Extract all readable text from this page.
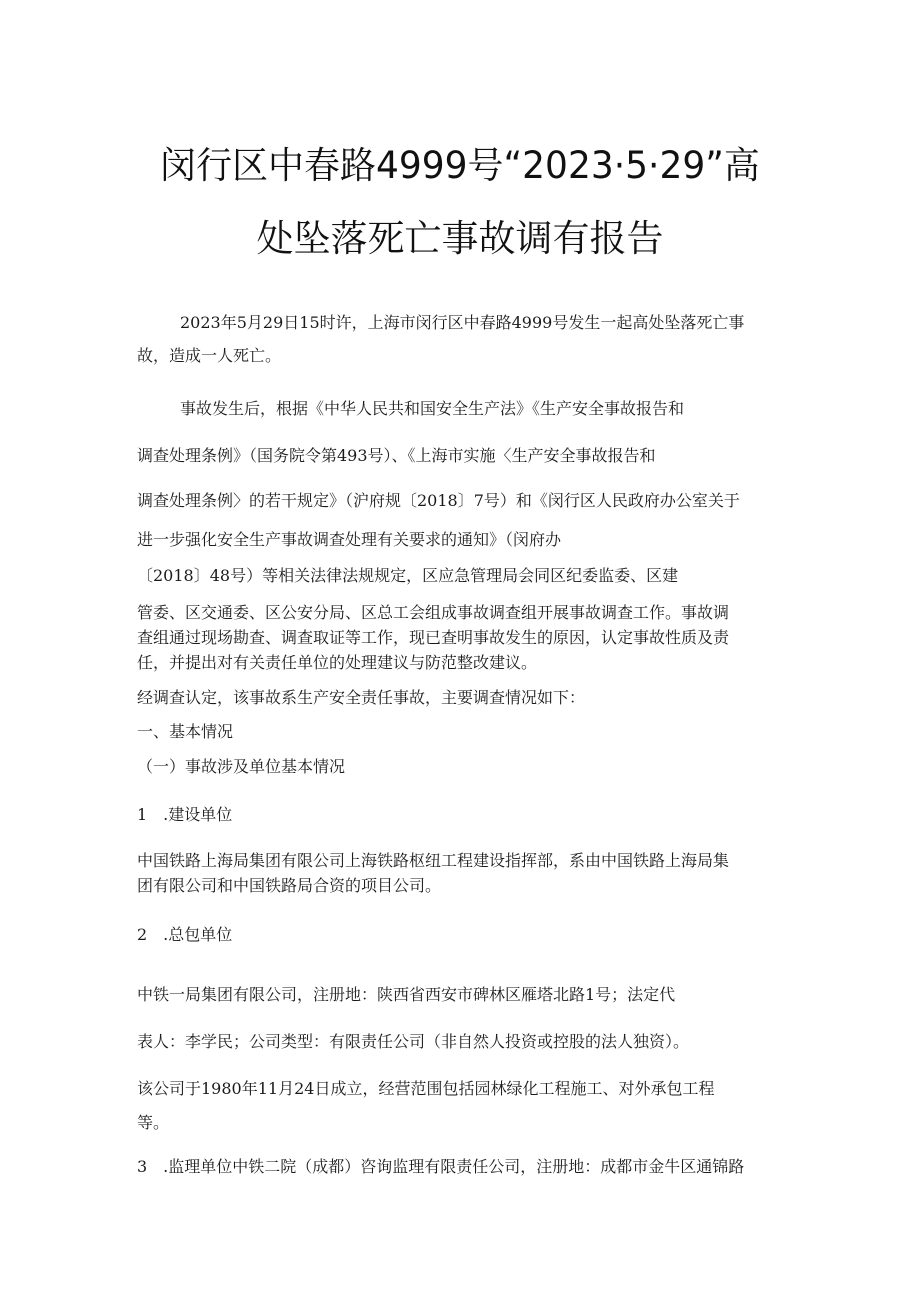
闵行区中春路4999号“2023·5·29”高
处坠落死亡事故调有报告
2023年5月29日15时许，上海市闵行区中春路4999号发生一起高处坠落死亡事
故，造成一人死亡。
事故发生后，根据《中华人民共和国安全生产法》《生产安全事故报告和
调查处理条例》（国务院令第493号）、《上海市实施〈生产安全事故报告和
调查处理条例〉的若干规定》（沪府规〔2018〕7号）和《闵行区人民政府办公室关于
进一步强化安全生产事故调查处理有关要求的通知》（闵府办
〔2018〕48号）等相关法律法规规定，区应急管理局会同区纪委监委、区建
管委、区交通委、区公安分局、区总工会组成事故调查组开展事故调查工作。事故调
查组通过现场勘查、调查取证等工作，现已查明事故发生的原因，认定事故性质及责
任，并提出对有关责任单位的处理建议与防范整改建议。
经调查认定，该事故系生产安全责任事故，主要调查情况如下：
一、基本情况
（一）事故涉及单位基本情况
1　.建设单位
中国铁路上海局集团有限公司上海铁路枢纽工程建设指挥部，系由中国铁路上海局集
团有限公司和中国铁路局合资的项目公司。
2　.总包单位
中铁一局集团有限公司，注册地：陕西省西安市碑林区雁塔北路1号；法定代
表人：李学民；公司类型：有限责任公司（非自然人投资或控股的法人独资）。
该公司于1980年11月24日成立，经营范围包括园林绿化工程施工、对外承包工程
等。
3　.监理单位中铁二院（成都）咨询监理有限责任公司，注册地：成都市金牛区通锦路
